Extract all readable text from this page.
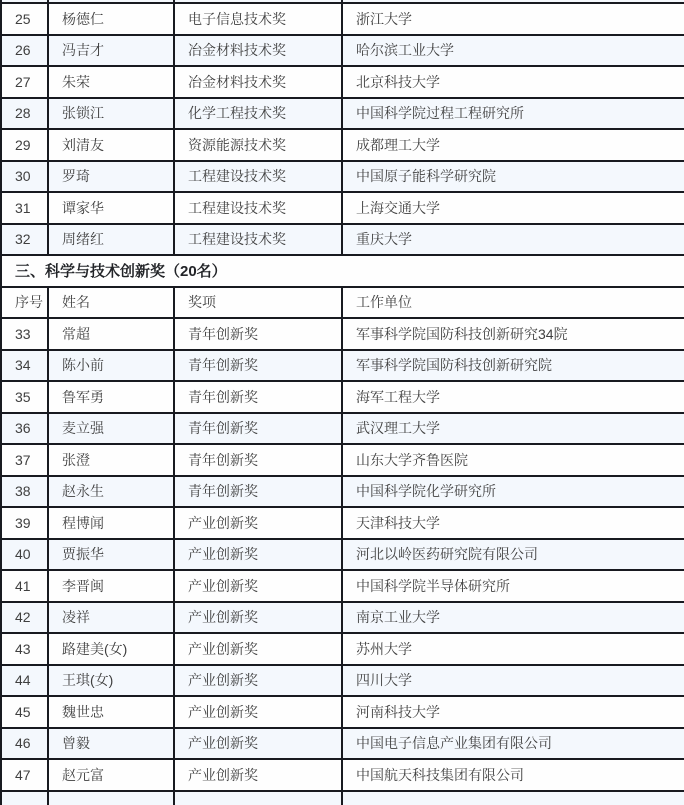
25	杨德仁	电子信息技术奖	浙江大学
26	冯吉才	冶金材料技术奖	哈尔滨工业大学
27	朱荣	冶金材料技术奖	北京科技大学
28	张锁江	化学工程技术奖	中国科学院过程工程研究所
29	刘清友	资源能源技术奖	成都理工大学
30	罗琦	工程建设技术奖	中国原子能科学研究院
31	谭家华	工程建设技术奖	上海交通大学
32	周绪红	工程建设技术奖	重庆大学
三、科学与技术创新奖（20名）			
序号	姓名	奖项	工作单位
33	常超	青年创新奖	军事科学院国防科技创新研究34院
34	陈小前	青年创新奖	军事科学院国防科技创新研究院
35	鲁军勇	青年创新奖	海军工程大学
36	麦立强	青年创新奖	武汉理工大学
37	张澄	青年创新奖	山东大学齐鲁医院
38	赵永生	青年创新奖	中国科学院化学研究所
39	程博闻	产业创新奖	天津科技大学
40	贾振华	产业创新奖	河北以岭医药研究院有限公司
41	李晋闽	产业创新奖	中国科学院半导体研究所
42	凌祥	产业创新奖	南京工业大学
43	路建美(女)	产业创新奖	苏州大学
44	王琪(女)	产业创新奖	四川大学
45	魏世忠	产业创新奖	河南科技大学
46	曾毅	产业创新奖	中国电子信息产业集团有限公司
47	赵元富	产业创新奖	中国航天科技集团有限公司
